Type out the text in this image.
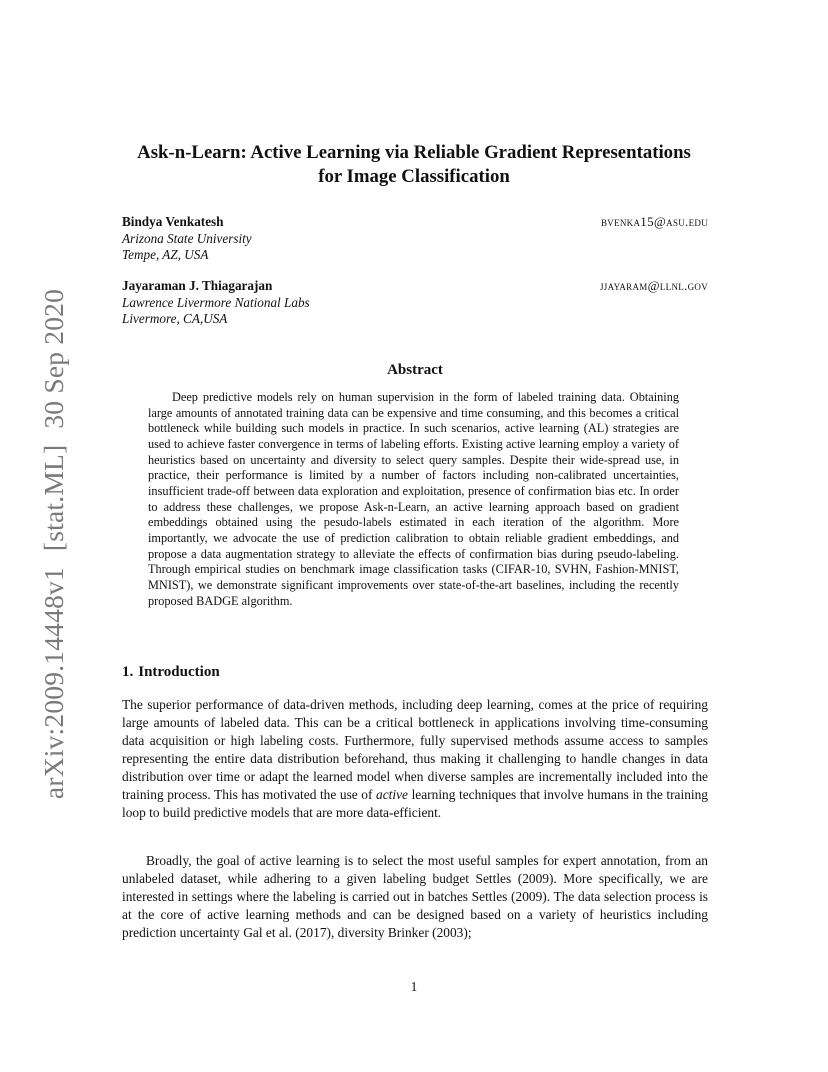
arXiv:2009.14448v1[stat.ML]30 Sep 2020
Ask-n-Learn: Active Learning via Reliable Gradient Representations
for Image Classification
Bindya Venkatesh
Arizona State University
Tempe, AZ, USA
bvenka15@asu.edu
Jayaraman J. Thiagarajan
Lawrence Livermore National Labs
Livermore, CA,USA
jjayaram@llnl.gov
Abstract
Deep predictive models rely on human supervision in the form of labeled training data. Obtaining large amounts of annotated training data can be expensive and time consuming, and this becomes a critical bottleneck while building such models in practice. In such scenarios, active learning (AL) strategies are used to achieve faster convergence in terms of labeling efforts. Existing active learning employ a variety of heuristics based on uncertainty and diversity to select query samples. Despite their wide-spread use, in practice, their performance is limited by a number of factors including non-calibrated uncertainties, insufficient trade-off between data exploration and exploitation, presence of confirmation bias etc. In order to address these challenges, we propose Ask-n-Learn, an active learning approach based on gradient embeddings obtained using the pesudo-labels estimated in each iteration of the algorithm. More importantly, we advocate the use of prediction calibration to obtain reliable gradient embeddings, and propose a data augmentation strategy to alleviate the effects of confirmation bias during pseudo-labeling. Through empirical studies on benchmark image classification tasks (CIFAR-10, SVHN, Fashion-MNIST, MNIST), we demonstrate significant improvements over state-of-the-art baselines, including the recently proposed BADGE algorithm.
1. Introduction

The superior performance of data-driven methods, including deep learning, comes at the price of requiring large amounts of labeled data. This can be a critical bottleneck in applications involving time-consuming data acquisition or high labeling costs. Furthermore, fully supervised methods assume access to samples representing the entire data distribution beforehand, thus making it challenging to handle changes in data distribution over time or adapt the learned model when diverse samples are incrementally included into the training process. This has motivated the use of active learning techniques that involve humans in the training loop to build predictive models that are more data-efficient.

Broadly, the goal of active learning is to select the most useful samples for expert annotation, from an unlabeled dataset, while adhering to a given labeling budget Settles (2009). More specifically, we are interested in settings where the labeling is carried out in batches Settles (2009). The data selection process is at the core of active learning methods and can be designed based on a variety of heuristics including prediction uncertainty Gal et al. (2017), diversity Brinker (2003);

1
